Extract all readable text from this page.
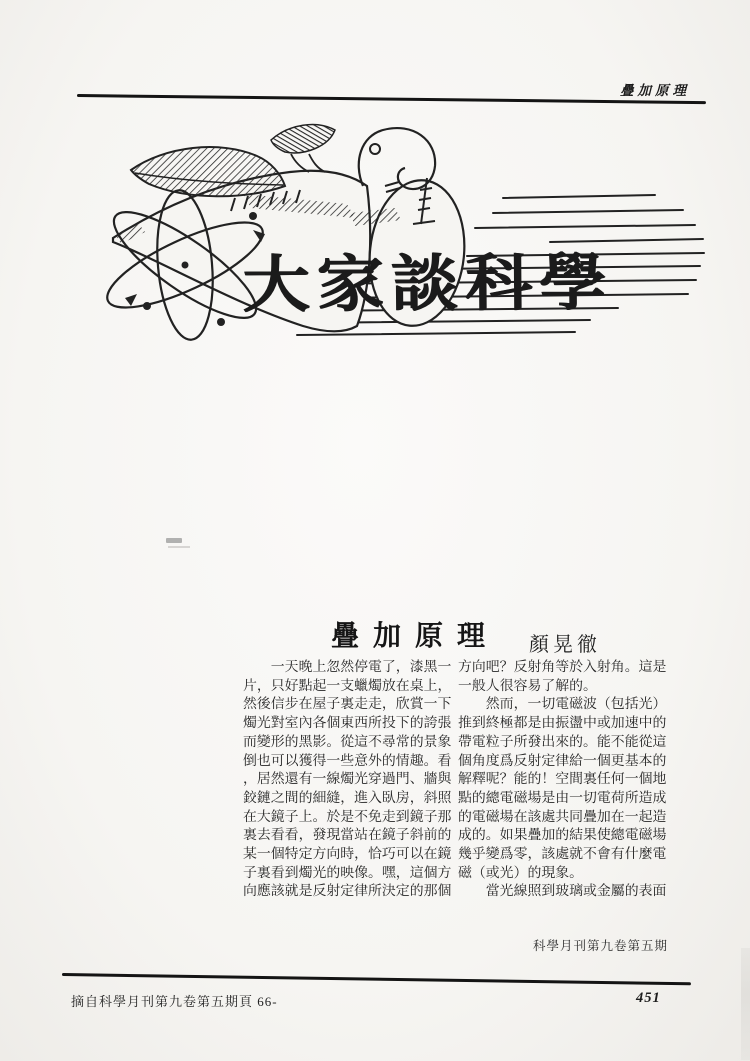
疊加原理
大家談科學
疊加原理 顏晃徹
　　一天晚上忽然停電了，漆黑一
片，只好點起一支蠟燭放在桌上，
然後信步在屋子裏走走，欣賞一下
燭光對室內各個東西所投下的誇張
而變形的黑影。從這不尋常的景象
倒也可以獲得一些意外的情趣。看
，居然還有一線燭光穿過門、牆與
鉸鏈之間的細縫，進入臥房，斜照
在大鏡子上。於是不免走到鏡子那
裏去看看，發現當站在鏡子斜前的
某一個特定方向時，恰巧可以在鏡
子裏看到燭光的映像。嘿，這個方
向應該就是反射定律所決定的那個
方向吧？反射角等於入射角。這是
一般人很容易了解的。
　　然而，一切電磁波（包括光）
推到終極都是由振盪中或加速中的
帶電粒子所發出來的。能不能從這
個角度爲反射定律給一個更基本的
解釋呢？能的！空間裏任何一個地
點的總電磁場是由一切電荷所造成
的電磁場在該處共同疊加在一起造
成的。如果疊加的結果使總電磁場
幾乎變爲零，該處就不會有什麼電
磁（或光）的現象。
　　當光線照到玻璃或金屬的表面
科學月刊第九卷第五期
摘自科學月刊第九卷第五期頁 66-	451
